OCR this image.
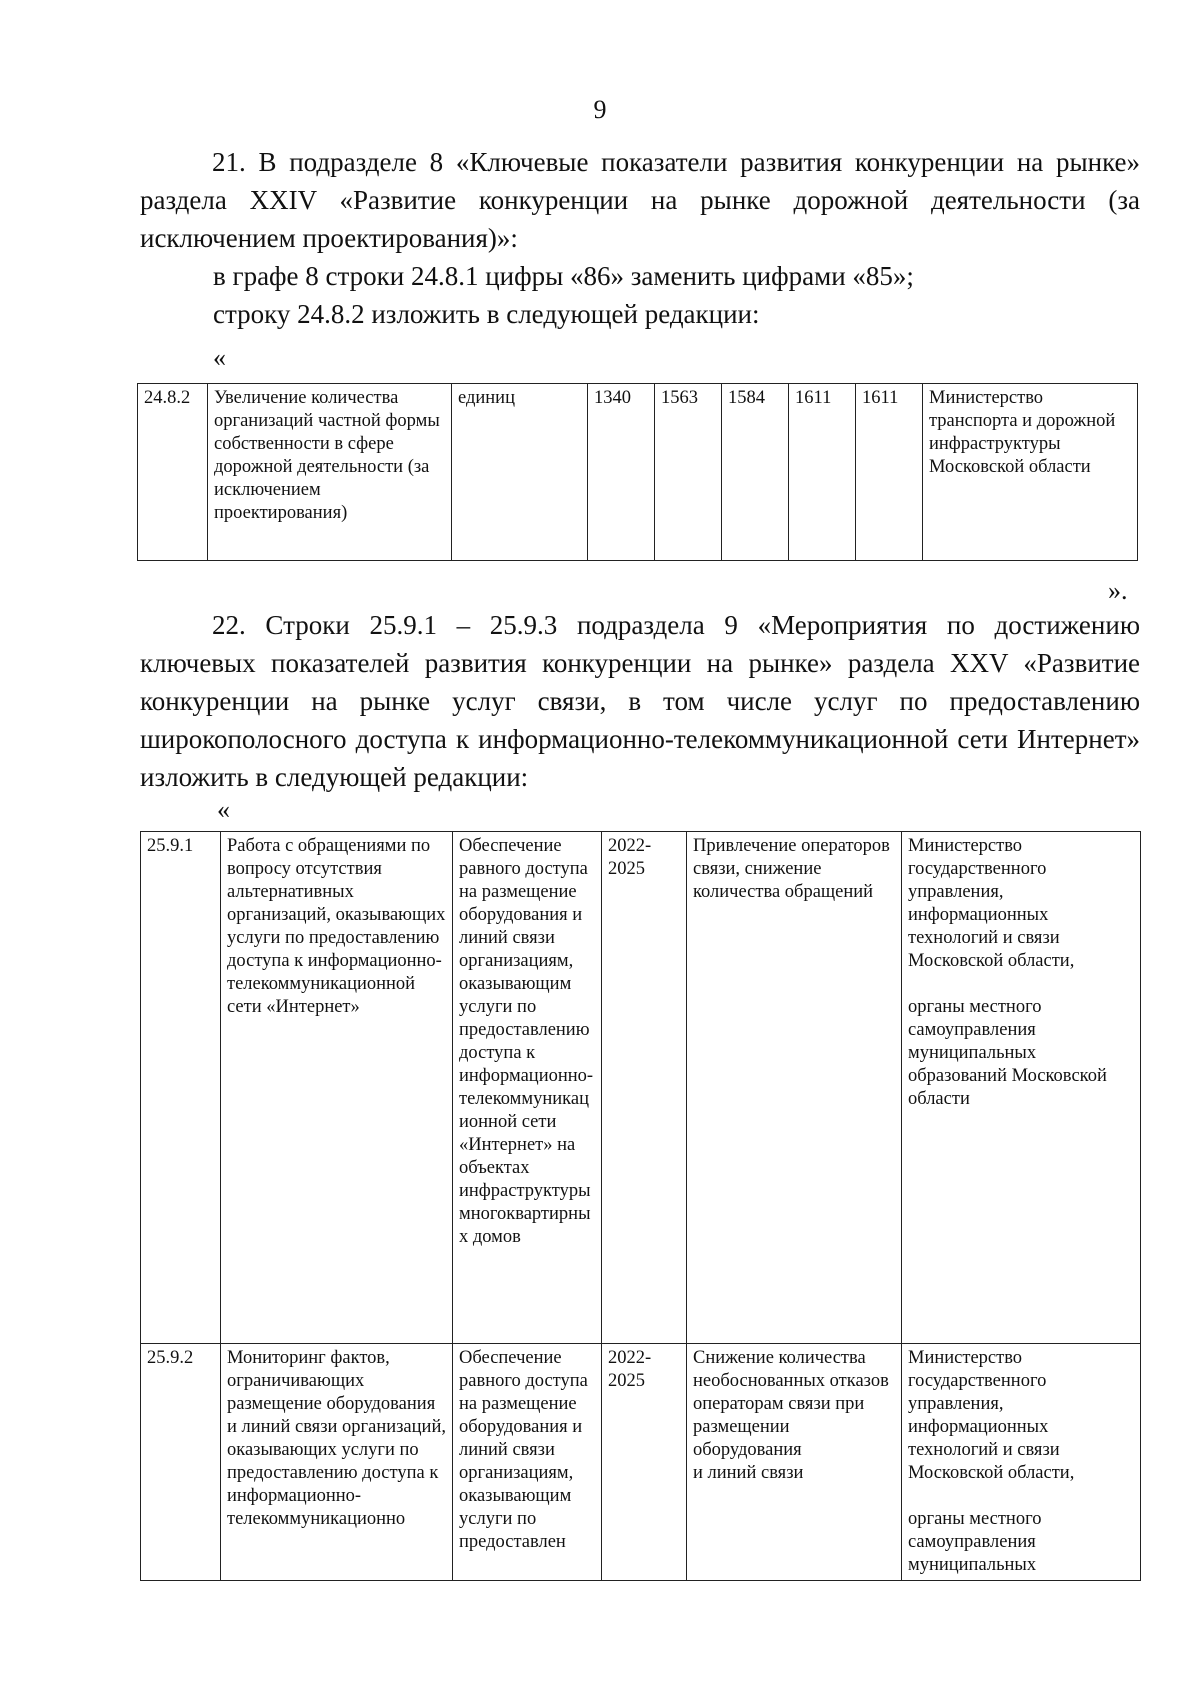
9

21. В подразделе 8 «Ключевые показатели развития конкуренции на рынке» раздела XXIV «Развитие конкуренции на рынке дорожной деятельности (за исключением проектирования)»:

в графе 8 строки 24.8.1 цифры «86» заменить цифрами «85»;

строку 24.8.2 изложить в следующей редакции:

«
24.8.2	Увеличение количества организаций частной формы собственности в сфере дорожной деятельности (за исключением проектирования)	единиц	1340	1563	1584	1611	1611	Министерство транспорта и дорожной инфраструктуры Московской области
».

22. Строки 25.9.1 – 25.9.3 подраздела 9 «Мероприятия по достижению ключевых показателей развития конкуренции на рынке» раздела XXV «Развитие конкуренции на рынке услуг связи, в том числе услуг по предоставлению широкополосного доступа к информационно-телекоммуникационной сети Интернет» изложить в следующей редакции:

«
25.9.1	Работа с обращениями по вопросу отсутствия альтернативных организаций, оказывающих услуги по предоставлению доступа к информационно-телекоммуникационной сети «Интернет»	Обеспечение равного доступа на размещение оборудования и линий связи организациям, оказывающим услуги по предоставлению доступа к информационно-телекоммуникационной сети «Интернет» на объектах инфраструктуры многоквартирных домов	2022-
2025	Привлечение операторов связи, снижение количества обращений	Министерство государственного управления, информационных технологий и связи Московской области,

органы местного самоуправления муниципальных образований Московской области
25.9.2	Мониторинг фактов, ограничивающих размещение оборудования и линий связи организаций, оказывающих услуги по предоставлению доступа к информационно-телекоммуникационно	Обеспечение равного доступа на размещение оборудования и линий связи организациям, оказывающим услуги по предоставлен	2022-
2025	Снижение количества необоснованных отказов операторам связи при размещении оборудования
и линий связи	Министерство государственного управления, информационных технологий и связи Московской области,

органы местного самоуправления муниципальных
